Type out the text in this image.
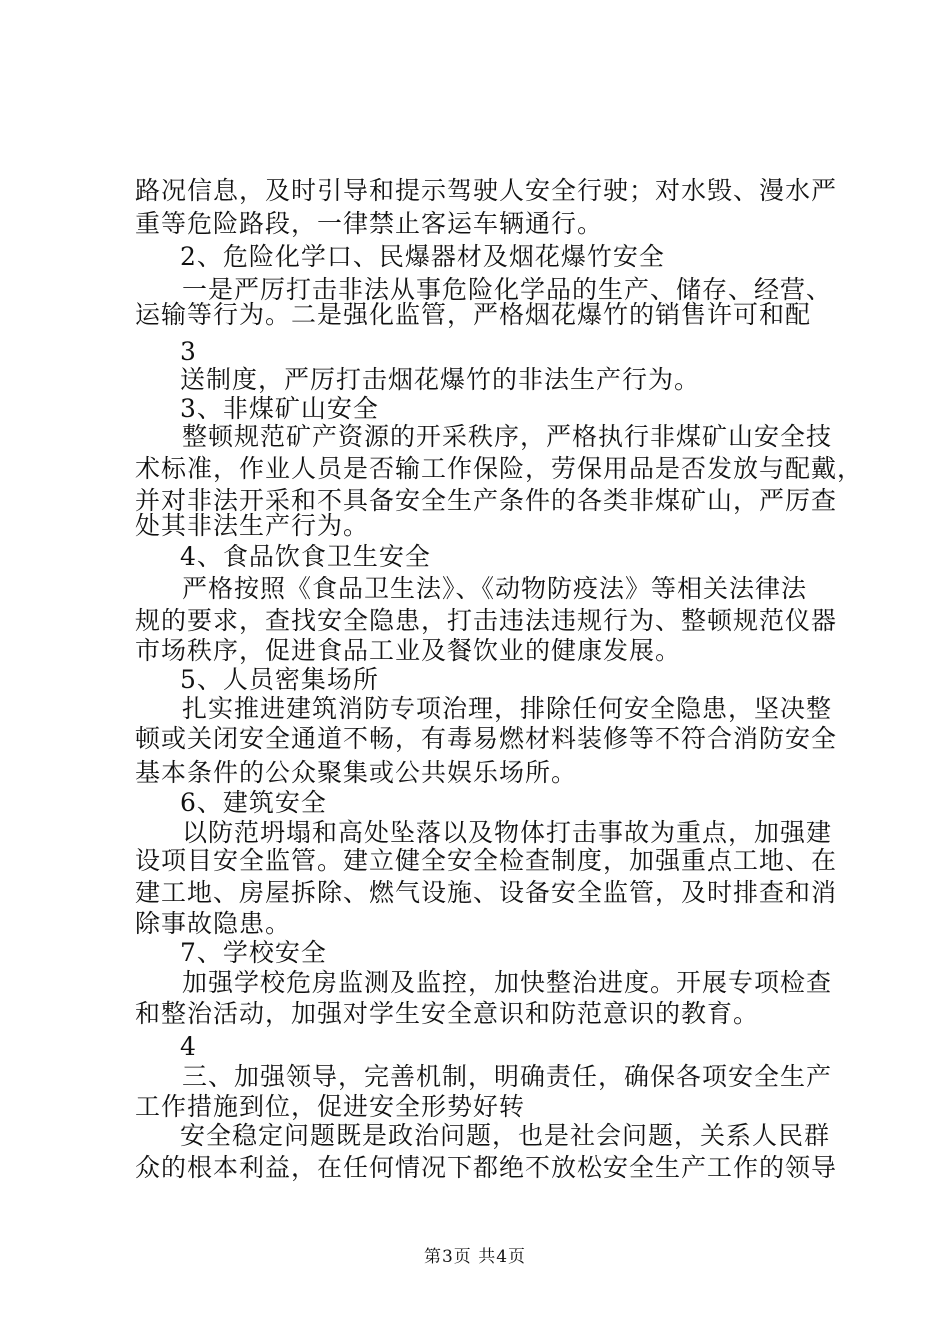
路况信息，及时引导和提示驾驶人安全行驶；对水毁、漫水严
重等危险路段，一律禁止客运车辆通行。
2、危险化学口、民爆器材及烟花爆竹安全
一是严厉打击非法从事危险化学品的生产、储存、经营、
运输等行为。二是强化监管，严格烟花爆竹的销售许可和配
3
送制度，严厉打击烟花爆竹的非法生产行为。
3、非煤矿山安全
整顿规范矿产资源的开采秩序，严格执行非煤矿山安全技
术标准，作业人员是否输工作保险，劳保用品是否发放与配戴，
并对非法开采和不具备安全生产条件的各类非煤矿山，严厉查
处其非法生产行为。
4、食品饮食卫生安全
严格按照《食品卫生法》、《动物防疫法》等相关法律法
规的要求，查找安全隐患，打击违法违规行为、整顿规范仪器
市场秩序，促进食品工业及餐饮业的健康发展。
5、人员密集场所
扎实推进建筑消防专项治理，排除任何安全隐患，坚决整
顿或关闭安全通道不畅，有毒易燃材料装修等不符合消防安全
基本条件的公众聚集或公共娱乐场所。
6、建筑安全
以防范坍塌和高处坠落以及物体打击事故为重点，加强建
设项目安全监管。建立健全安全检查制度，加强重点工地、在
建工地、房屋拆除、燃气设施、设备安全监管，及时排查和消
除事故隐患。
7、学校安全
加强学校危房监测及监控，加快整治进度。开展专项检查
和整治活动，加强对学生安全意识和防范意识的教育。
4
三、加强领导，完善机制，明确责任，确保各项安全生产
工作措施到位，促进安全形势好转
安全稳定问题既是政治问题，也是社会问题，关系人民群
众的根本利益，在任何情况下都绝不放松安全生产工作的领导
第3页 共4页
